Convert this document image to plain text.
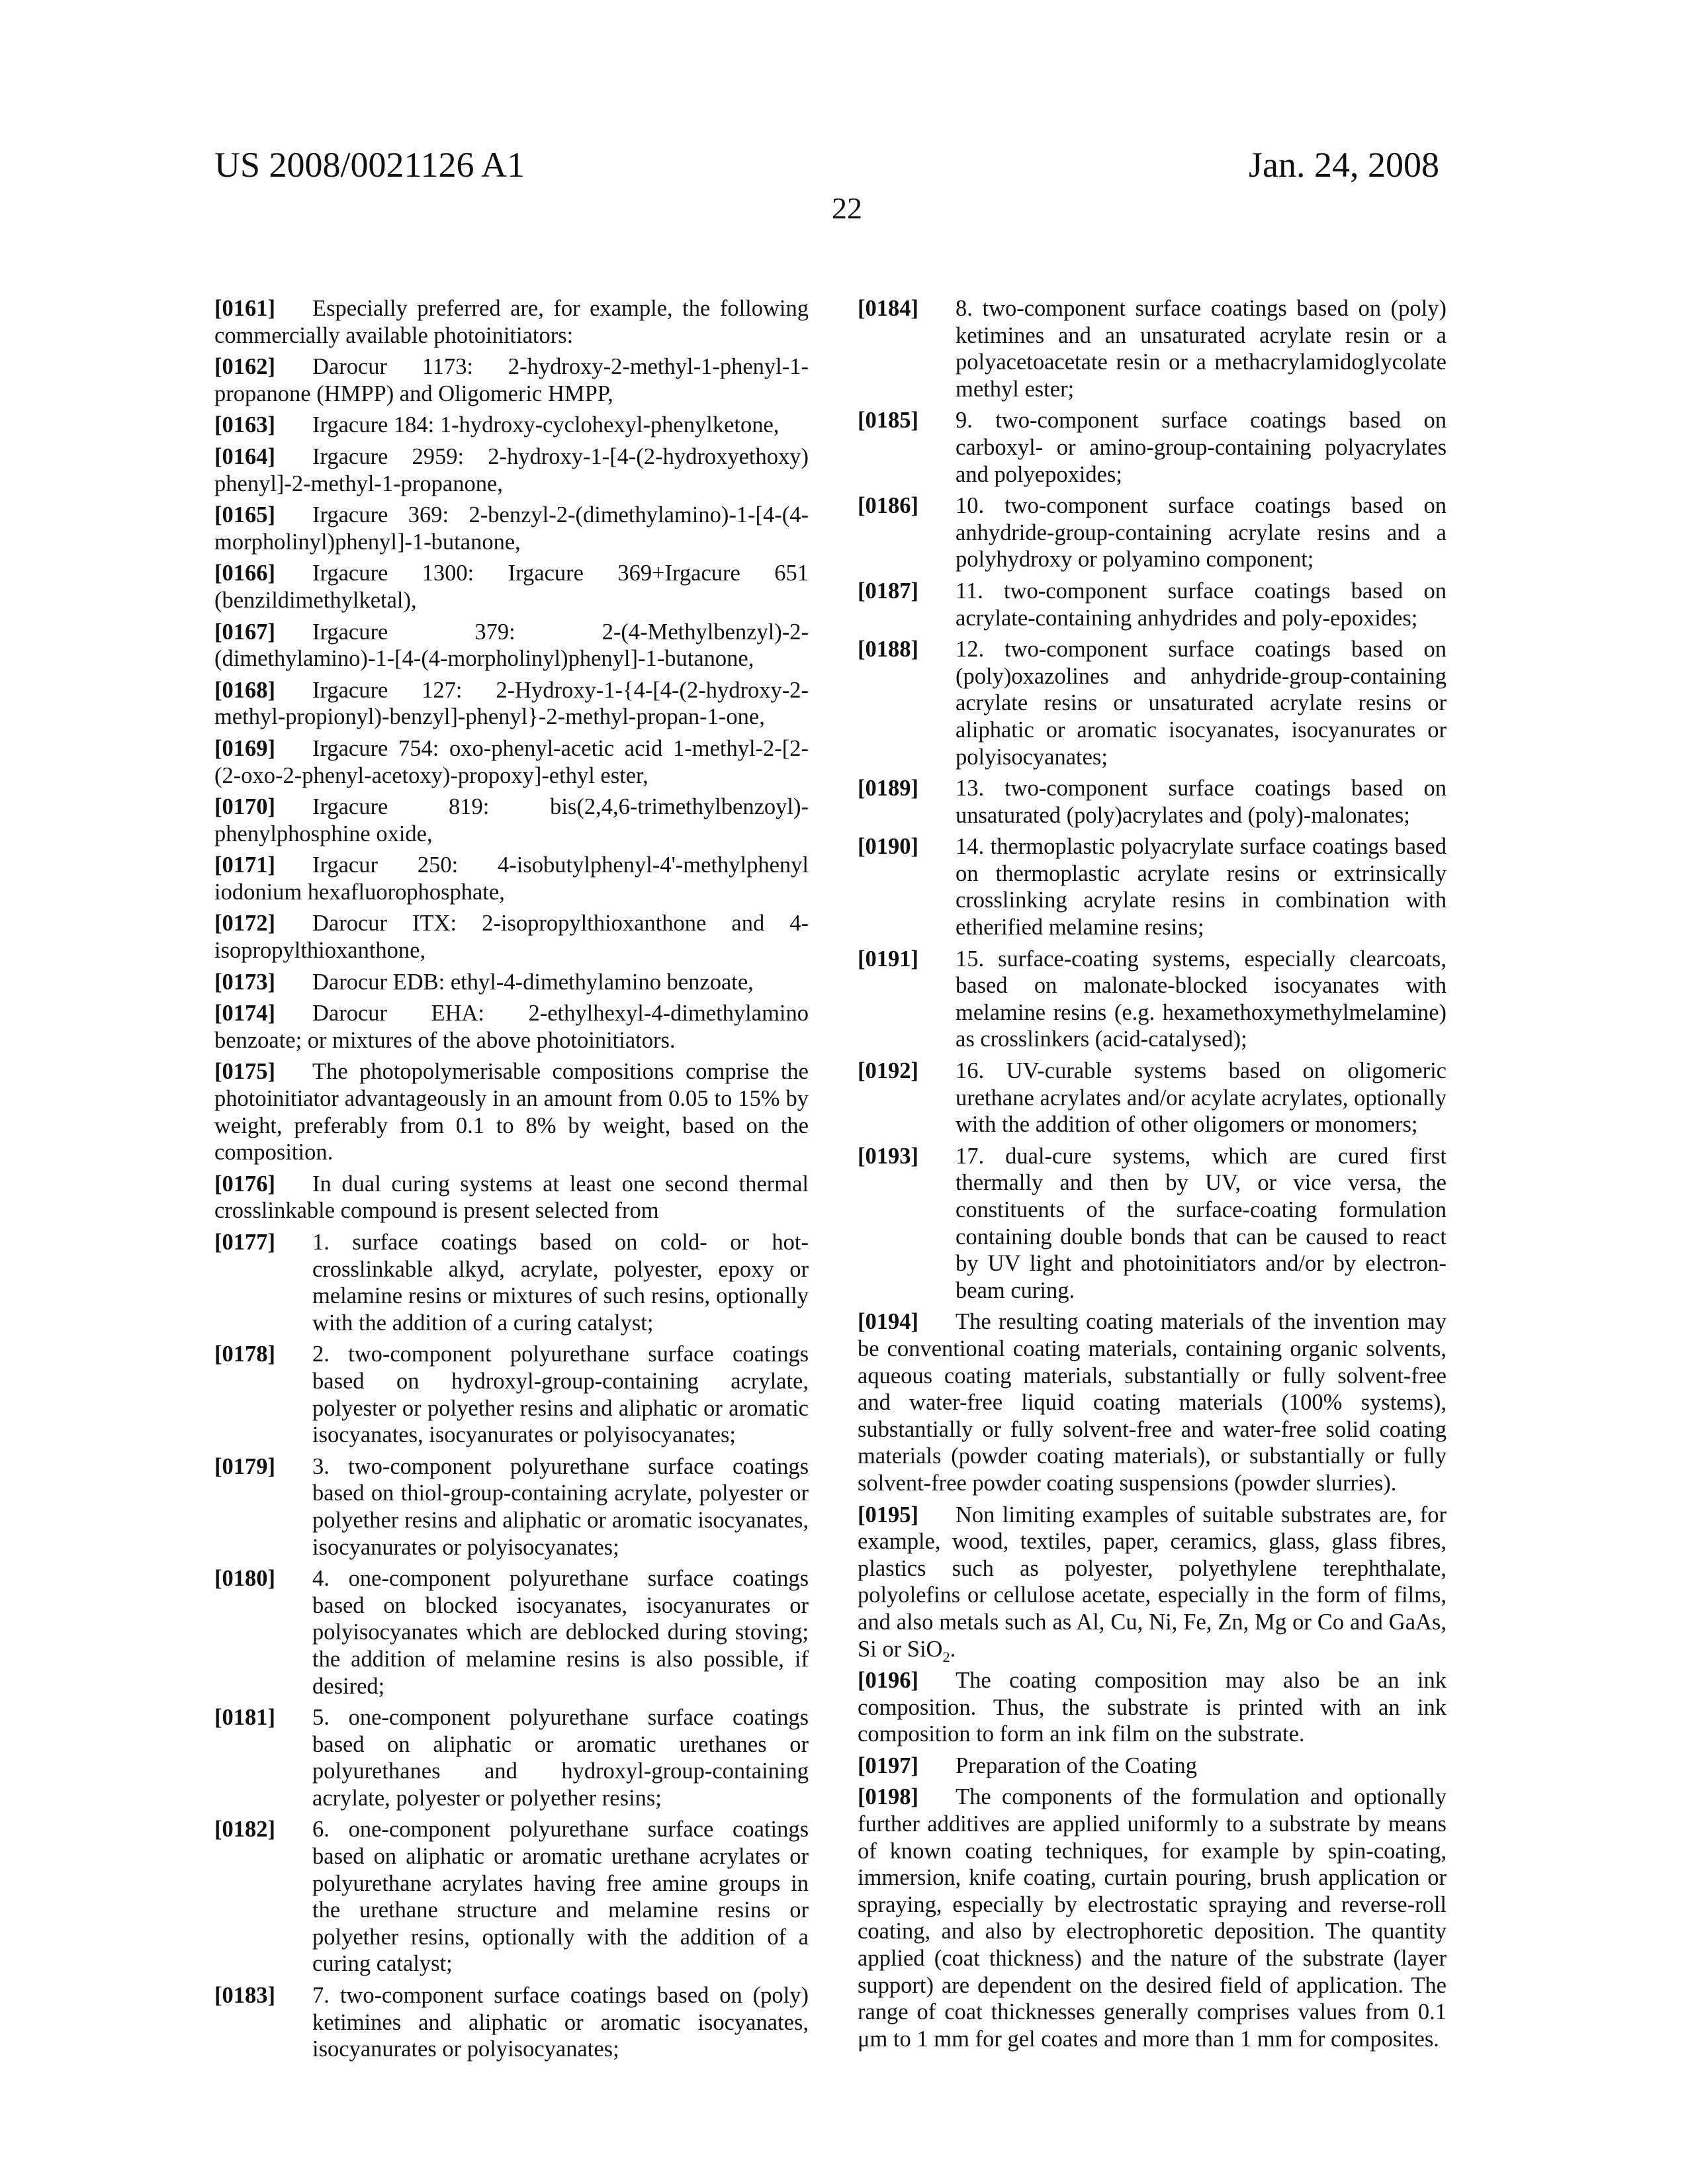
US 2008/0021126 A1	Jan. 24, 2008
22

[0161] Especially preferred are, for example, the following commercially available photoinitiators:

[0162] Darocur 1173: 2-hydroxy-2-methyl-1-phenyl-1-propanone (HMPP) and Oligomeric HMPP,

[0163] Irgacure 184: 1-hydroxy-cyclohexyl-phenylketone,

[0164] Irgacure 2959: 2-hydroxy-1-[4-(2-hydroxyethoxy) phenyl]-2-methyl-1-propanone,

[0165] Irgacure 369: 2-benzyl-2-(dimethylamino)-1-[4-(4-morpholinyl)phenyl]-1-butanone,

[0166] Irgacure 1300: Irgacure 369+Irgacure 651 (benzildimethylketal),

[0167] Irgacure 379: 2-(4-Methylbenzyl)-2-(dimethylamino)-1-[4-(4-morpholinyl)phenyl]-1-butanone,

[0168] Irgacure 127: 2-Hydroxy-1-{4-[4-(2-hydroxy-2-methyl-propionyl)-benzyl]-phenyl}-2-methyl-propan-1-one,

[0169] Irgacure 754: oxo-phenyl-acetic acid 1-methyl-2-[2-(2-oxo-2-phenyl-acetoxy)-propoxy]-ethyl ester,

[0170] Irgacure 819: bis(2,4,6-trimethylbenzoyl)-phenylphosphine oxide,

[0171] Irgacur 250: 4-isobutylphenyl-4'-methylphenyl iodonium hexafluorophosphate,

[0172] Darocur ITX: 2-isopropylthioxanthone and 4-isopropylthioxanthone,

[0173] Darocur EDB: ethyl-4-dimethylamino benzoate,

[0174] Darocur EHA: 2-ethylhexyl-4-dimethylamino benzoate; or mixtures of the above photoinitiators.

[0175] The photopolymerisable compositions comprise the photoinitiator advantageously in an amount from 0.05 to 15% by weight, preferably from 0.1 to 8% by weight, based on the composition.

[0176] In dual curing systems at least one second thermal crosslinkable compound is present selected from

[0177] 1. surface coatings based on cold- or hot-crosslinkable alkyd, acrylate, polyester, epoxy or melamine resins or mixtures of such resins, optionally with the addition of a curing catalyst;

[0178] 2. two-component polyurethane surface coatings based on hydroxyl-group-containing acrylate, polyester or polyether resins and aliphatic or aromatic isocyanates, isocyanurates or polyisocyanates;

[0179] 3. two-component polyurethane surface coatings based on thiol-group-containing acrylate, polyester or polyether resins and aliphatic or aromatic isocyanates, isocyanurates or polyisocyanates;

[0180] 4. one-component polyurethane surface coatings based on blocked isocyanates, isocyanurates or polyisocyanates which are deblocked during stoving; the addition of melamine resins is also possible, if desired;

[0181] 5. one-component polyurethane surface coatings based on aliphatic or aromatic urethanes or polyurethanes and hydroxyl-group-containing acrylate, polyester or polyether resins;

[0182] 6. one-component polyurethane surface coatings based on aliphatic or aromatic urethane acrylates or polyurethane acrylates having free amine groups in the urethane structure and melamine resins or polyether resins, optionally with the addition of a curing catalyst;

[0183] 7. two-component surface coatings based on (poly) ketimines and aliphatic or aromatic isocyanates, isocyanurates or polyisocyanates;

[0184] 8. two-component surface coatings based on (poly) ketimines and an unsaturated acrylate resin or a polyacetoacetate resin or a methacrylamidoglycolate methyl ester;

[0185] 9. two-component surface coatings based on carboxyl- or amino-group-containing polyacrylates and polyepoxides;

[0186] 10. two-component surface coatings based on anhydride-group-containing acrylate resins and a polyhydroxy or polyamino component;

[0187] 11. two-component surface coatings based on acrylate-containing anhydrides and poly-epoxides;

[0188] 12. two-component surface coatings based on (poly)oxazolines and anhydride-group-containing acrylate resins or unsaturated acrylate resins or aliphatic or aromatic isocyanates, isocyanurates or polyisocyanates;

[0189] 13. two-component surface coatings based on unsaturated (poly)acrylates and (poly)-malonates;

[0190] 14. thermoplastic polyacrylate surface coatings based on thermoplastic acrylate resins or extrinsically crosslinking acrylate resins in combination with etherified melamine resins;

[0191] 15. surface-coating systems, especially clearcoats, based on malonate-blocked isocyanates with melamine resins (e.g. hexamethoxymethylmelamine) as crosslinkers (acid-catalysed);

[0192] 16. UV-curable systems based on oligomeric urethane acrylates and/or acylate acrylates, optionally with the addition of other oligomers or monomers;

[0193] 17. dual-cure systems, which are cured first thermally and then by UV, or vice versa, the constituents of the surface-coating formulation containing double bonds that can be caused to react by UV light and photoinitiators and/or by electron-beam curing.

[0194] The resulting coating materials of the invention may be conventional coating materials, containing organic solvents, aqueous coating materials, substantially or fully solvent-free and water-free liquid coating materials (100% systems), substantially or fully solvent-free and water-free solid coating materials (powder coating materials), or substantially or fully solvent-free powder coating suspensions (powder slurries).

[0195] Non limiting examples of suitable substrates are, for example, wood, textiles, paper, ceramics, glass, glass fibres, plastics such as polyester, polyethylene terephthalate, polyolefins or cellulose acetate, especially in the form of films, and also metals such as Al, Cu, Ni, Fe, Zn, Mg or Co and GaAs, Si or SiO2.

[0196] The coating composition may also be an ink composition. Thus, the substrate is printed with an ink composition to form an ink film on the substrate.

[0197] Preparation of the Coating

[0198] The components of the formulation and optionally further additives are applied uniformly to a substrate by means of known coating techniques, for example by spin-coating, immersion, knife coating, curtain pouring, brush application or spraying, especially by electrostatic spraying and reverse-roll coating, and also by electrophoretic deposition. The quantity applied (coat thickness) and the nature of the substrate (layer support) are dependent on the desired field of application. The range of coat thicknesses generally comprises values from 0.1 μm to 1 mm for gel coates and more than 1 mm for composites.
